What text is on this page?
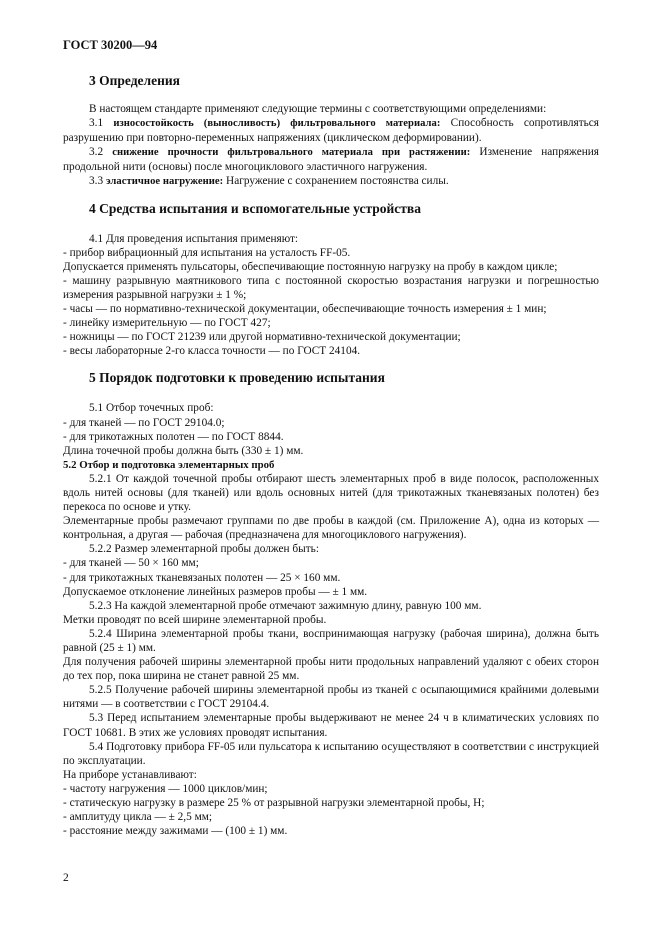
ГОСТ 30200—94
3 Определения

В настоящем стандарте применяют следующие термины с соответствующими определениями:

3.1 износостойкость (выносливость) фильтровального материала: Способность сопротивляться разрушению при повторно-переменных напряжениях (циклическом деформировании).

3.2 снижение прочности фильтровального материала при растяжении: Изменение напряжения продольной нити (основы) после многоциклового эластичного нагружения.

3.3 эластичное нагружение: Нагружение с сохранением постоянства силы.

4 Средства испытания и вспомогательные устройства

4.1 Для проведения испытания применяют:

- прибор вибрационный для испытания на усталость FF-05.

Допускается применять пульсаторы, обеспечивающие постоянную нагрузку на пробу в каждом цикле;

- машину разрывную маятникового типа с постоянной скоростью возрастания нагрузки и погрешностью измерения разрывной нагрузки ± 1 %;

- часы — по нормативно-технической документации, обеспечивающие точность измерения ± 1 мин;

- линейку измерительную — по ГОСТ 427;

- ножницы — по ГОСТ 21239 или другой нормативно-технической документации;

- весы лабораторные 2-го класса точности — по ГОСТ 24104.

5 Порядок подготовки к проведению испытания

5.1 Отбор точечных проб:

- для тканей — по ГОСТ 29104.0;

- для трикотажных полотен — по ГОСТ 8844.

Длина точечной пробы должна быть (330 ± 1) мм.

5.2 Отбор и подготовка элементарных проб

5.2.1 От каждой точечной пробы отбирают шесть элементарных проб в виде полосок, расположенных вдоль нитей основы (для тканей) или вдоль основных нитей (для трикотажных тканевязаных полотен) без перекоса по основе и утку.

Элементарные пробы размечают группами по две пробы в каждой (см. Приложение А), одна из которых — контрольная, а другая — рабочая (предназначена для многоциклового нагружения).

5.2.2 Размер элементарной пробы должен быть:

- для тканей — 50 × 160 мм;

- для трикотажных тканевязаных полотен — 25 × 160 мм.

Допускаемое отклонение линейных размеров пробы — ± 1 мм.

5.2.3 На каждой элементарной пробе отмечают зажимную длину, равную 100 мм.

Метки проводят по всей ширине элементарной пробы.

5.2.4 Ширина элементарной пробы ткани, воспринимающая нагрузку (рабочая ширина), должна быть равной (25 ± 1) мм.

Для получения рабочей ширины элементарной пробы нити продольных направлений удаляют с обеих сторон до тех пор, пока ширина не станет равной 25 мм.

5.2.5 Получение рабочей ширины элементарной пробы из тканей с осыпающимися крайними долевыми нитями — в соответствии с ГОСТ 29104.4.

5.3 Перед испытанием элементарные пробы выдерживают не менее 24 ч в климатических условиях по ГОСТ 10681. В этих же условиях проводят испытания.

5.4 Подготовку прибора FF-05 или пульсатора к испытанию осуществляют в соответствии с инструкцией по эксплуатации.

На приборе устанавливают:

- частоту нагружения — 1000 циклов/мин;

- статическую нагрузку в размере 25 % от разрывной нагрузки элементарной пробы, Н;

- амплитуду цикла — ± 2,5 мм;

- расстояние между зажимами — (100 ± 1) мм.

2
